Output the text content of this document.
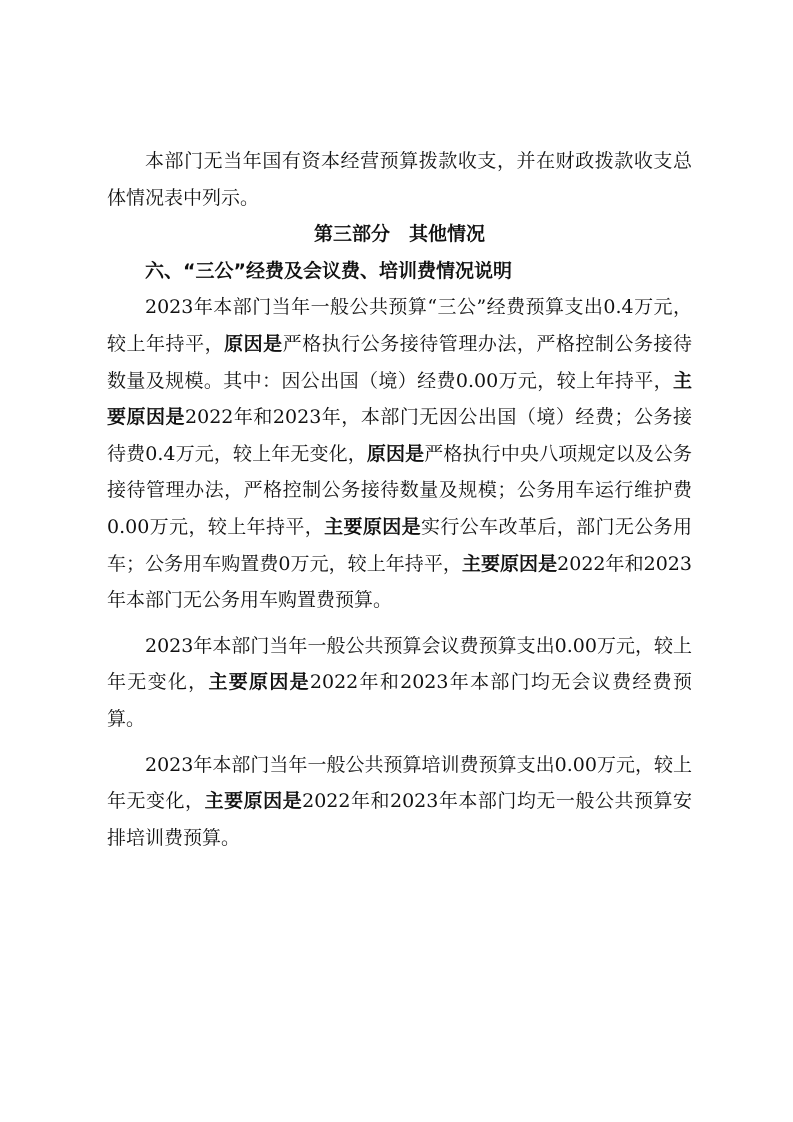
本部门无当年国有资本经营预算拨款收支，并在财政拨款收支总体情况表中列示。

第三部分　其他情况

六、“三公”经费及会议费、培训费情况说明

2023年本部门当年一般公共预算“三公”经费预算支出0.4万元，较上年持平，原因是严格执行公务接待管理办法，严格控制公务接待数量及规模。其中：因公出国（境）经费0.00万元，较上年持平，主要原因是2022年和2023年，本部门无因公出国（境）经费；公务接待费0.4万元，较上年无变化，原因是严格执行中央八项规定以及公务接待管理办法，严格控制公务接待数量及规模；公务用车运行维护费0.00万元，较上年持平，主要原因是实行公车改革后，部门无公务用车；公务用车购置费0万元，较上年持平，主要原因是2022年和2023年本部门无公务用车购置费预算。

2023年本部门当年一般公共预算会议费预算支出0.00万元，较上年无变化，主要原因是2022年和2023年本部门均无会议费经费预算。

2023年本部门当年一般公共预算培训费预算支出0.00万元，较上年无变化，主要原因是2022年和2023年本部门均无一般公共预算安排培训费预算。
